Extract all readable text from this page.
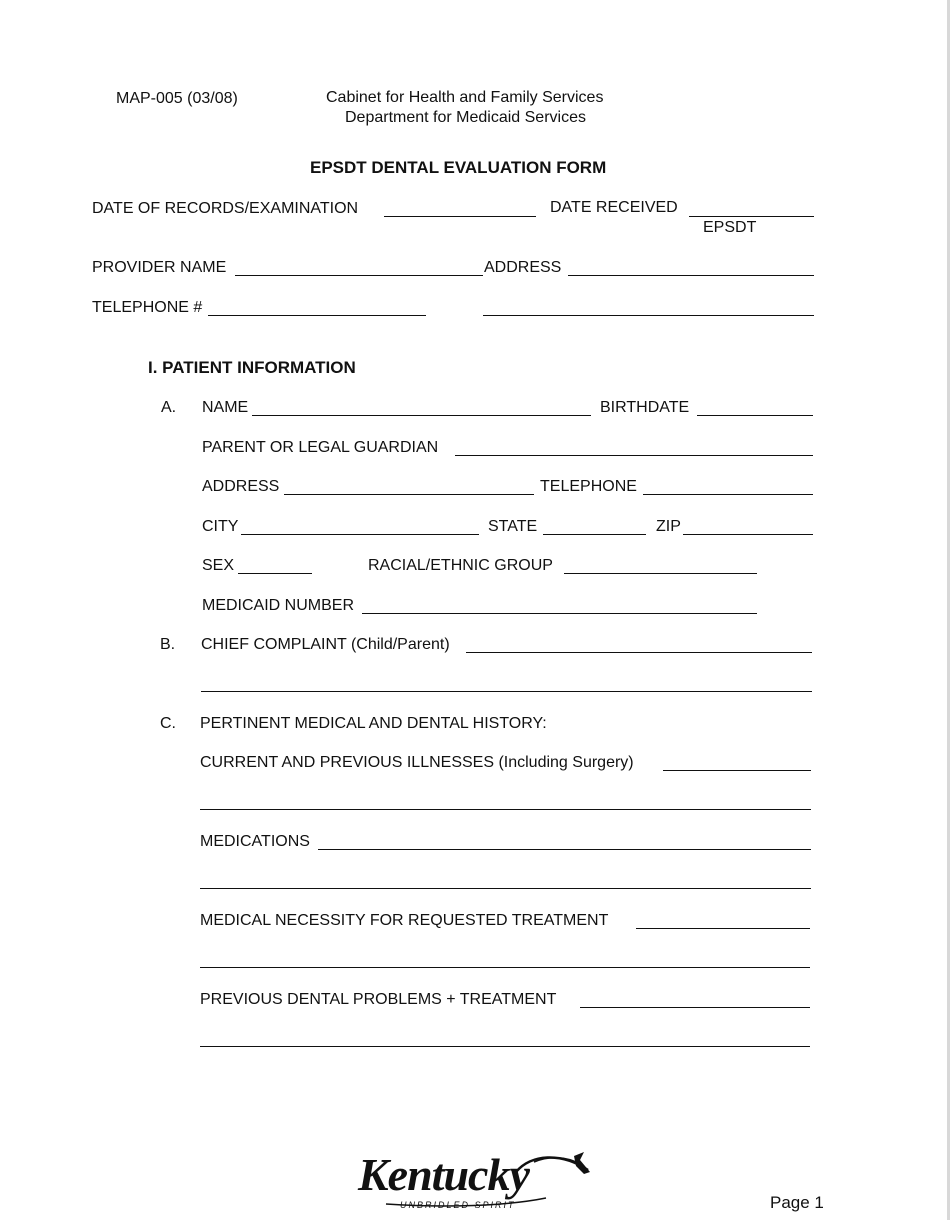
MAP-005 (03/08)	Cabinet for Health and Family Services
Department for Medicaid Services
EPSDT DENTAL EVALUATION FORM
DATE OF RECORDS/EXAMINATION	DATE RECEIVED
EPSDT
PROVIDER NAME	ADDRESS
TELEPHONE #
I. PATIENT INFORMATION
A. NAME	BIRTHDATE
PARENT OR LEGAL GUARDIAN
ADDRESS	TELEPHONE
CITY	STATE	ZIP
SEX	RACIAL/ETHNIC GROUP
MEDICAID NUMBER
B. CHIEF COMPLAINT (Child/Parent)
C. PERTINENT MEDICAL AND DENTAL HISTORY:
CURRENT AND PREVIOUS ILLNESSES (Including Surgery)
MEDICATIONS
MEDICAL NECESSITY FOR REQUESTED TREATMENT
PREVIOUS DENTAL PROBLEMS + TREATMENT
Kentucky
UNBRIDLED SPIRIT	Page 1
